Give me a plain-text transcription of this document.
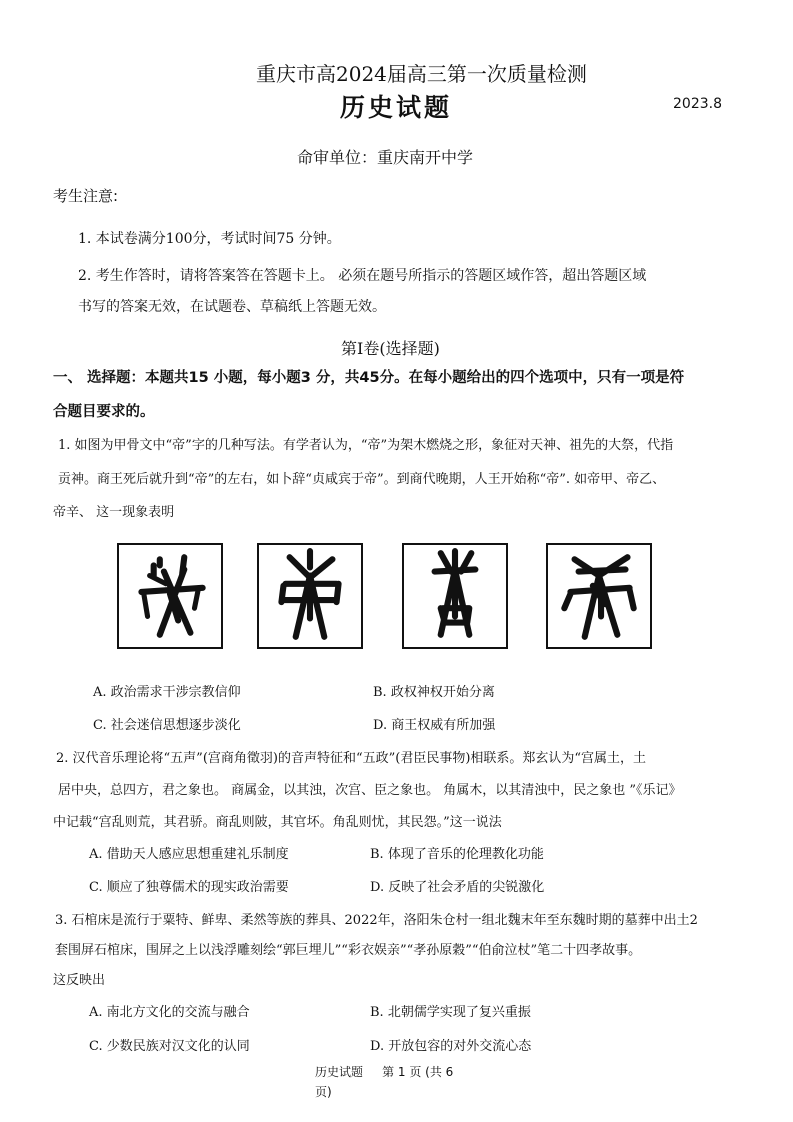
重庆市高2024届高三第一次质量检测
历史试题	2023.8
命审单位：重庆南开中学
考生注意:
1. 本试卷满分100分，考试时间75 分钟。
2. 考生作答时，请将答案答在答题卡上。 必须在题号所指示的答题区域作答，超出答题区域
书写的答案无效，在试题卷、草稿纸上答题无效。
第Ⅰ卷(选择题)
一、 选择题：本题共15 小题，每小题3 分，共45分。在每小题给出的四个选项中，只有一项是符
合题目要求的。
1. 如图为甲骨文中“帝”字的几种写法。有学者认为，“帝”为架木燃烧之形，象征对天神、祖先的大祭，代指
贡神。商王死后就升到“帝”的左右，如卜辞“贞咸宾于帝”。到商代晚期，人王开始称“帝”. 如帝甲、帝乙、
帝辛、 这一现象表明
A. 政治需求干涉宗教信仰	B. 政权神权开始分离
C. 社会迷信思想逐步淡化	D. 商王权威有所加强
2. 汉代音乐理论将“五声”(宫商角徵羽)的音声特征和“五政”(君臣民事物)相联系。郑玄认为“宫属土，土
居中央，总四方，君之象也。 商属金，以其浊，次宫、臣之象也。 角属木，以其清浊中，民之象也 ”《乐记》
中记载“宫乱则荒，其君骄。商乱则陂，其官坏。角乱则忧，其民怨。”这一说法
A. 借助天人感应思想重建礼乐制度	B. 体现了音乐的伦理教化功能
C. 顺应了独尊儒术的现实政治需要	D. 反映了社会矛盾的尖锐激化
3. 石棺床是流行于粟特、鲜卑、柔然等族的葬具、2022年，洛阳朱仓村一组北魏末年至东魏时期的墓葬中出土2
套围屏石棺床，围屏之上以浅浮雕刻绘“郭巨埋儿”“彩衣娱亲”“孝孙原穀”“伯俞泣杖”笔二十四孝故事。
这反映出
A. 南北方文化的交流与融合	B. 北朝儒学实现了复兴重振
C. 少数民族对汉文化的认同	D. 开放包容的对外交流心态
历史试题     第 1 页 (共 6
页)
